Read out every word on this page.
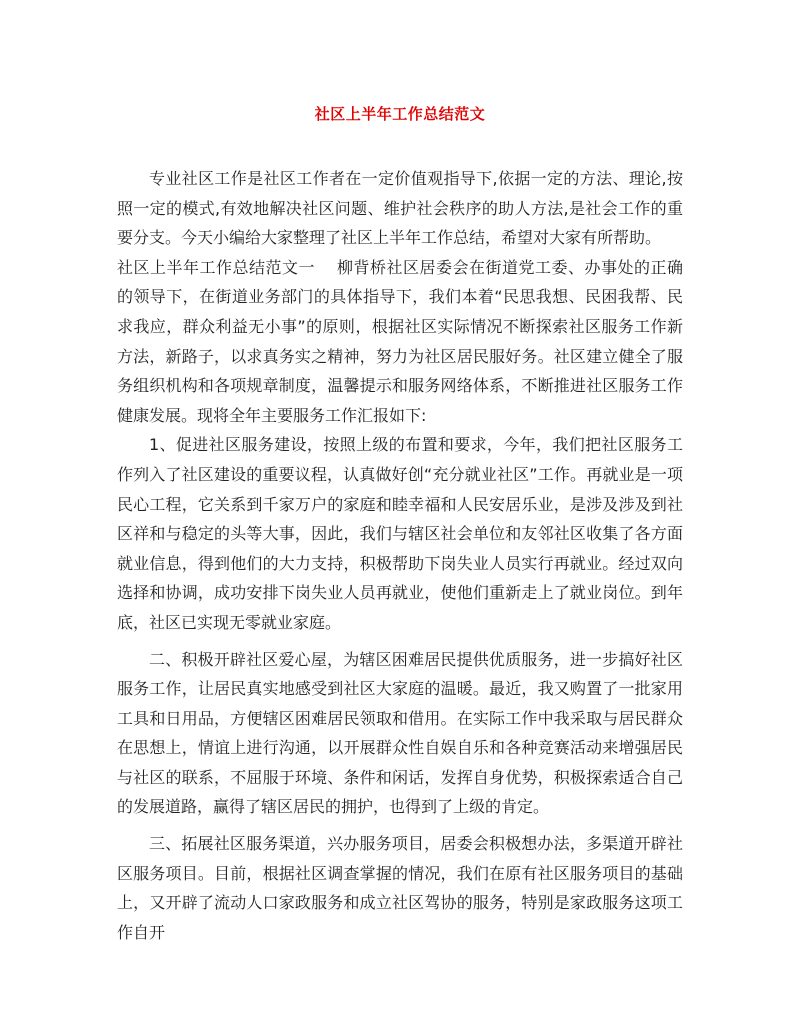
社区上半年工作总结范文

专业社区工作是社区工作者在一定价值观指导下,依据一定的方法、理论,按照一定的模式,有效地解决社区问题、维护社会秩序的助人方法,是社会工作的重要分支。今天小编给大家整理了社区上半年工作总结，希望对大家有所帮助。

社区上半年工作总结范文一 柳背桥社区居委会在街道党工委、办事处的正确的领导下，在街道业务部门的具体指导下，我们本着“民思我想、民困我帮、民求我应，群众利益无小事”的原则，根据社区实际情况不断探索社区服务工作新方法，新路子，以求真务实之精神，努力为社区居民服好务。社区建立健全了服务组织机构和各项规章制度，温馨提示和服务网络体系，不断推进社区服务工作健康发展。现将全年主要服务工作汇报如下:

1、促进社区服务建设，按照上级的布置和要求，今年，我们把社区服务工作列入了社区建设的重要议程，认真做好创“充分就业社区”工作。再就业是一项民心工程，它关系到千家万户的家庭和睦幸福和人民安居乐业，是涉及涉及到社区祥和与稳定的头等大事，因此，我们与辖区社会单位和友邻社区收集了各方面就业信息，得到他们的大力支持，积极帮助下岗失业人员实行再就业。经过双向选择和协调，成功安排下岗失业人员再就业，使他们重新走上了就业岗位。到年底，社区已实现无零就业家庭。

二、积极开辟社区爱心屋，为辖区困难居民提供优质服务，进一步搞好社区服务工作，让居民真实地感受到社区大家庭的温暖。最近，我又购置了一批家用工具和日用品，方便辖区困难居民领取和借用。在实际工作中我采取与居民群众在思想上，情谊上进行沟通，以开展群众性自娱自乐和各种竞赛活动来增强居民与社区的联系，不屈服于环境、条件和闲话，发挥自身优势，积极探索适合自己的发展道路，赢得了辖区居民的拥护，也得到了上级的肯定。

三、拓展社区服务渠道，兴办服务项目，居委会积极想办法，多渠道开辟社区服务项目。目前，根据社区调查掌握的情况，我们在原有社区服务项目的基础上，又开辟了流动人口家政服务和成立社区驾协的服务，特别是家政服务这项工作自开
